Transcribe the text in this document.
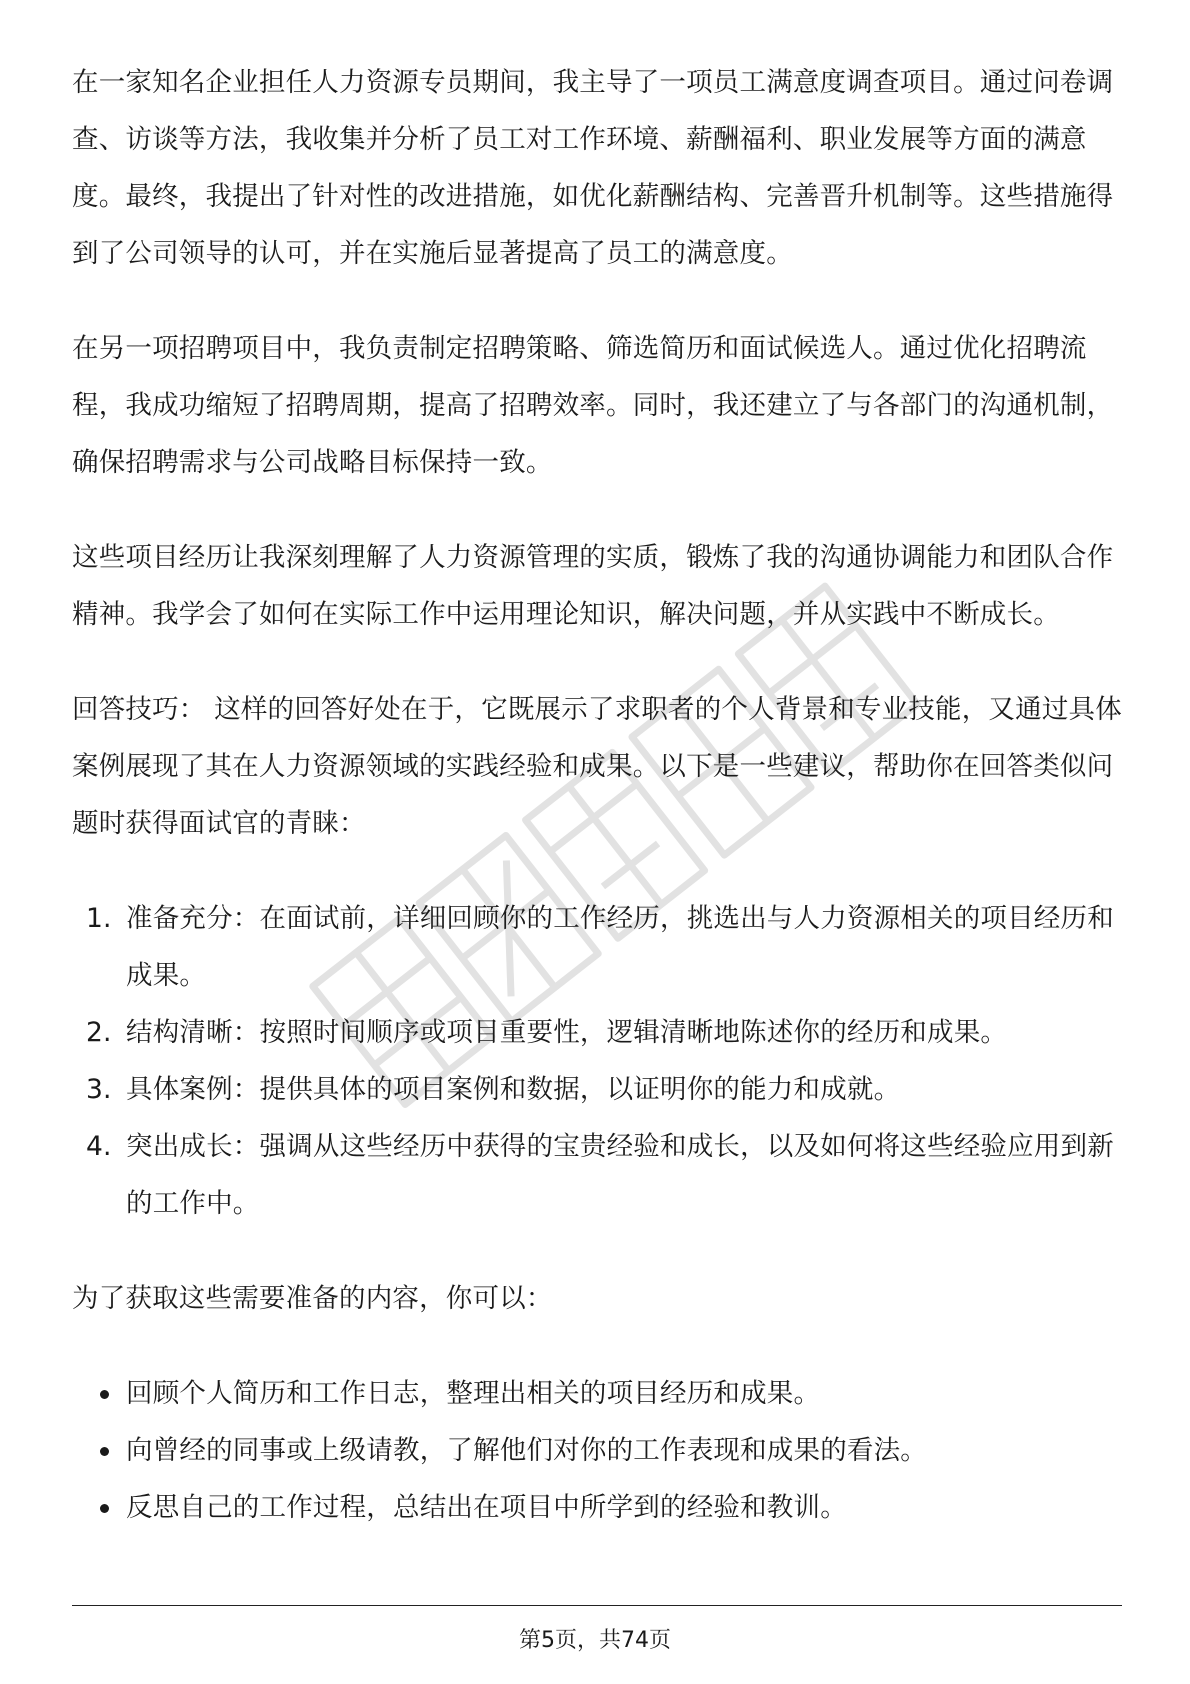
在一家知名企业担任人力资源专员期间，我主导了一项员工满意度调查项目。通过问卷调查、访谈等方法，我收集并分析了员工对工作环境、薪酬福利、职业发展等方面的满意度。最终，我提出了针对性的改进措施，如优化薪酬结构、完善晋升机制等。这些措施得到了公司领导的认可，并在实施后显著提高了员工的满意度。

在另一项招聘项目中，我负责制定招聘策略、筛选简历和面试候选人。通过优化招聘流程，我成功缩短了招聘周期，提高了招聘效率。同时，我还建立了与各部门的沟通机制，确保招聘需求与公司战略目标保持一致。

这些项目经历让我深刻理解了人力资源管理的实质，锻炼了我的沟通协调能力和团队合作精神。我学会了如何在实际工作中运用理论知识，解决问题，并从实践中不断成长。

回答技巧： 这样的回答好处在于，它既展示了求职者的个人背景和专业技能，又通过具体案例展现了其在人力资源领域的实践经验和成果。以下是一些建议，帮助你在回答类似问题时获得面试官的青睐：

1. 准备充分：在面试前，详细回顾你的工作经历，挑选出与人力资源相关的项目经历和成果。
2. 结构清晰：按照时间顺序或项目重要性，逻辑清晰地陈述你的经历和成果。
3. 具体案例：提供具体的项目案例和数据，以证明你的能力和成就。
4. 突出成长：强调从这些经历中获得的宝贵经验和成长，以及如何将这些经验应用到新的工作中。

为了获取这些需要准备的内容，你可以：

回顾个人简历和工作日志，整理出相关的项目经历和成果。
向曾经的同事或上级请教，了解他们对你的工作表现和成果的看法。
反思自己的工作过程，总结出在项目中所学到的经验和教训。
第5页，共74页
